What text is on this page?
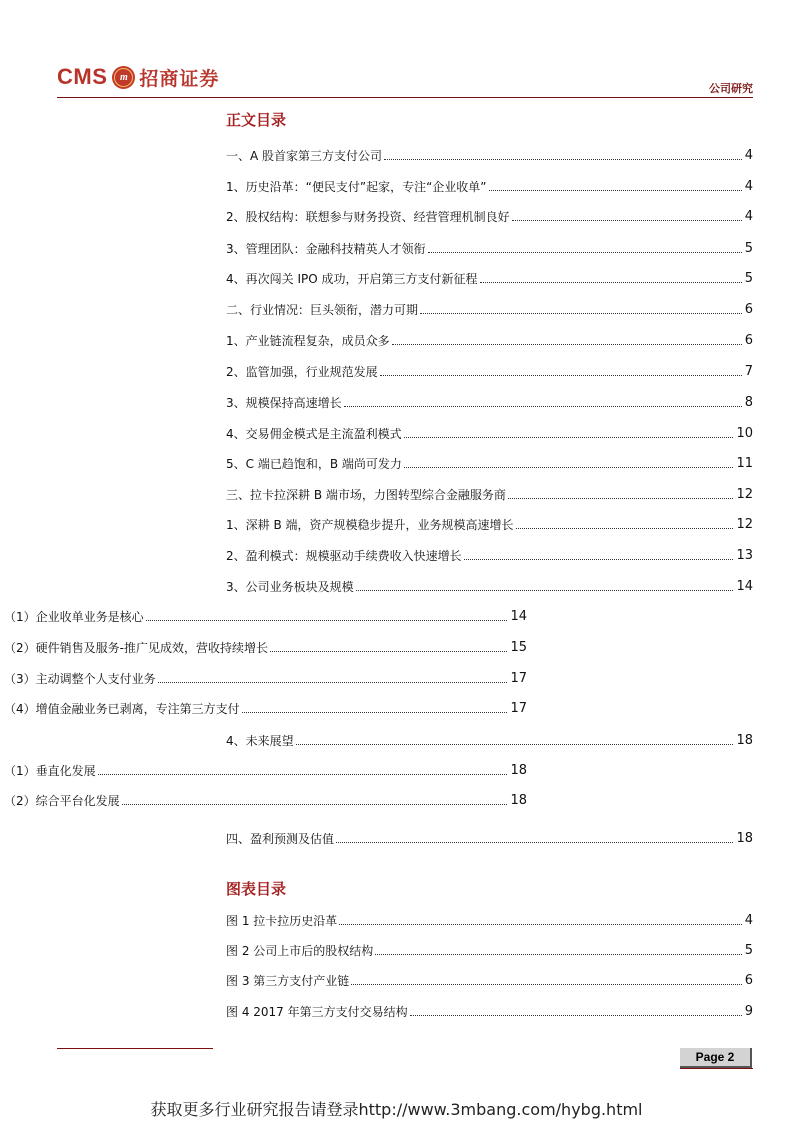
CMS	m 招商证券	公司研究
正文目录
图表目录
Page 2
获取更多行业研究报告请登录http://www.3mbang.com/hybg.html
一、A 股首家第三方支付公司	4
1、历史沿革：“便民支付”起家，专注“企业收单”	4
2、股权结构：联想参与财务投资、经营管理机制良好	4
3、管理团队：金融科技精英人才领衔	5
4、再次闯关 IPO 成功，开启第三方支付新征程	5
二、行业情况：巨头领衔，潜力可期	6
1、产业链流程复杂，成员众多	6
2、监管加强，行业规范发展	7
3、规模保持高速增长	8
4、交易佣金模式是主流盈利模式	10
5、C 端已趋饱和，B 端尚可发力	11
三、拉卡拉深耕 B 端市场，力图转型综合金融服务商	12
1、深耕 B 端，资产规模稳步提升，业务规模高速增长	12
2、盈利模式：规模驱动手续费收入快速增长	13
3、公司业务板块及规模	14
（1）企业收单业务是核心	14
（2）硬件销售及服务-推广见成效，营收持续增长	15
（3）主动调整个人支付业务	17
（4）增值金融业务已剥离，专注第三方支付	17
4、未来展望	18
（1）垂直化发展	18
（2）综合平台化发展	18
四、盈利预测及估值	18
图 1 拉卡拉历史沿革	4
图 2 公司上市后的股权结构	5
图 3 第三方支付产业链	6
图 4 2017 年第三方支付交易结构	9
